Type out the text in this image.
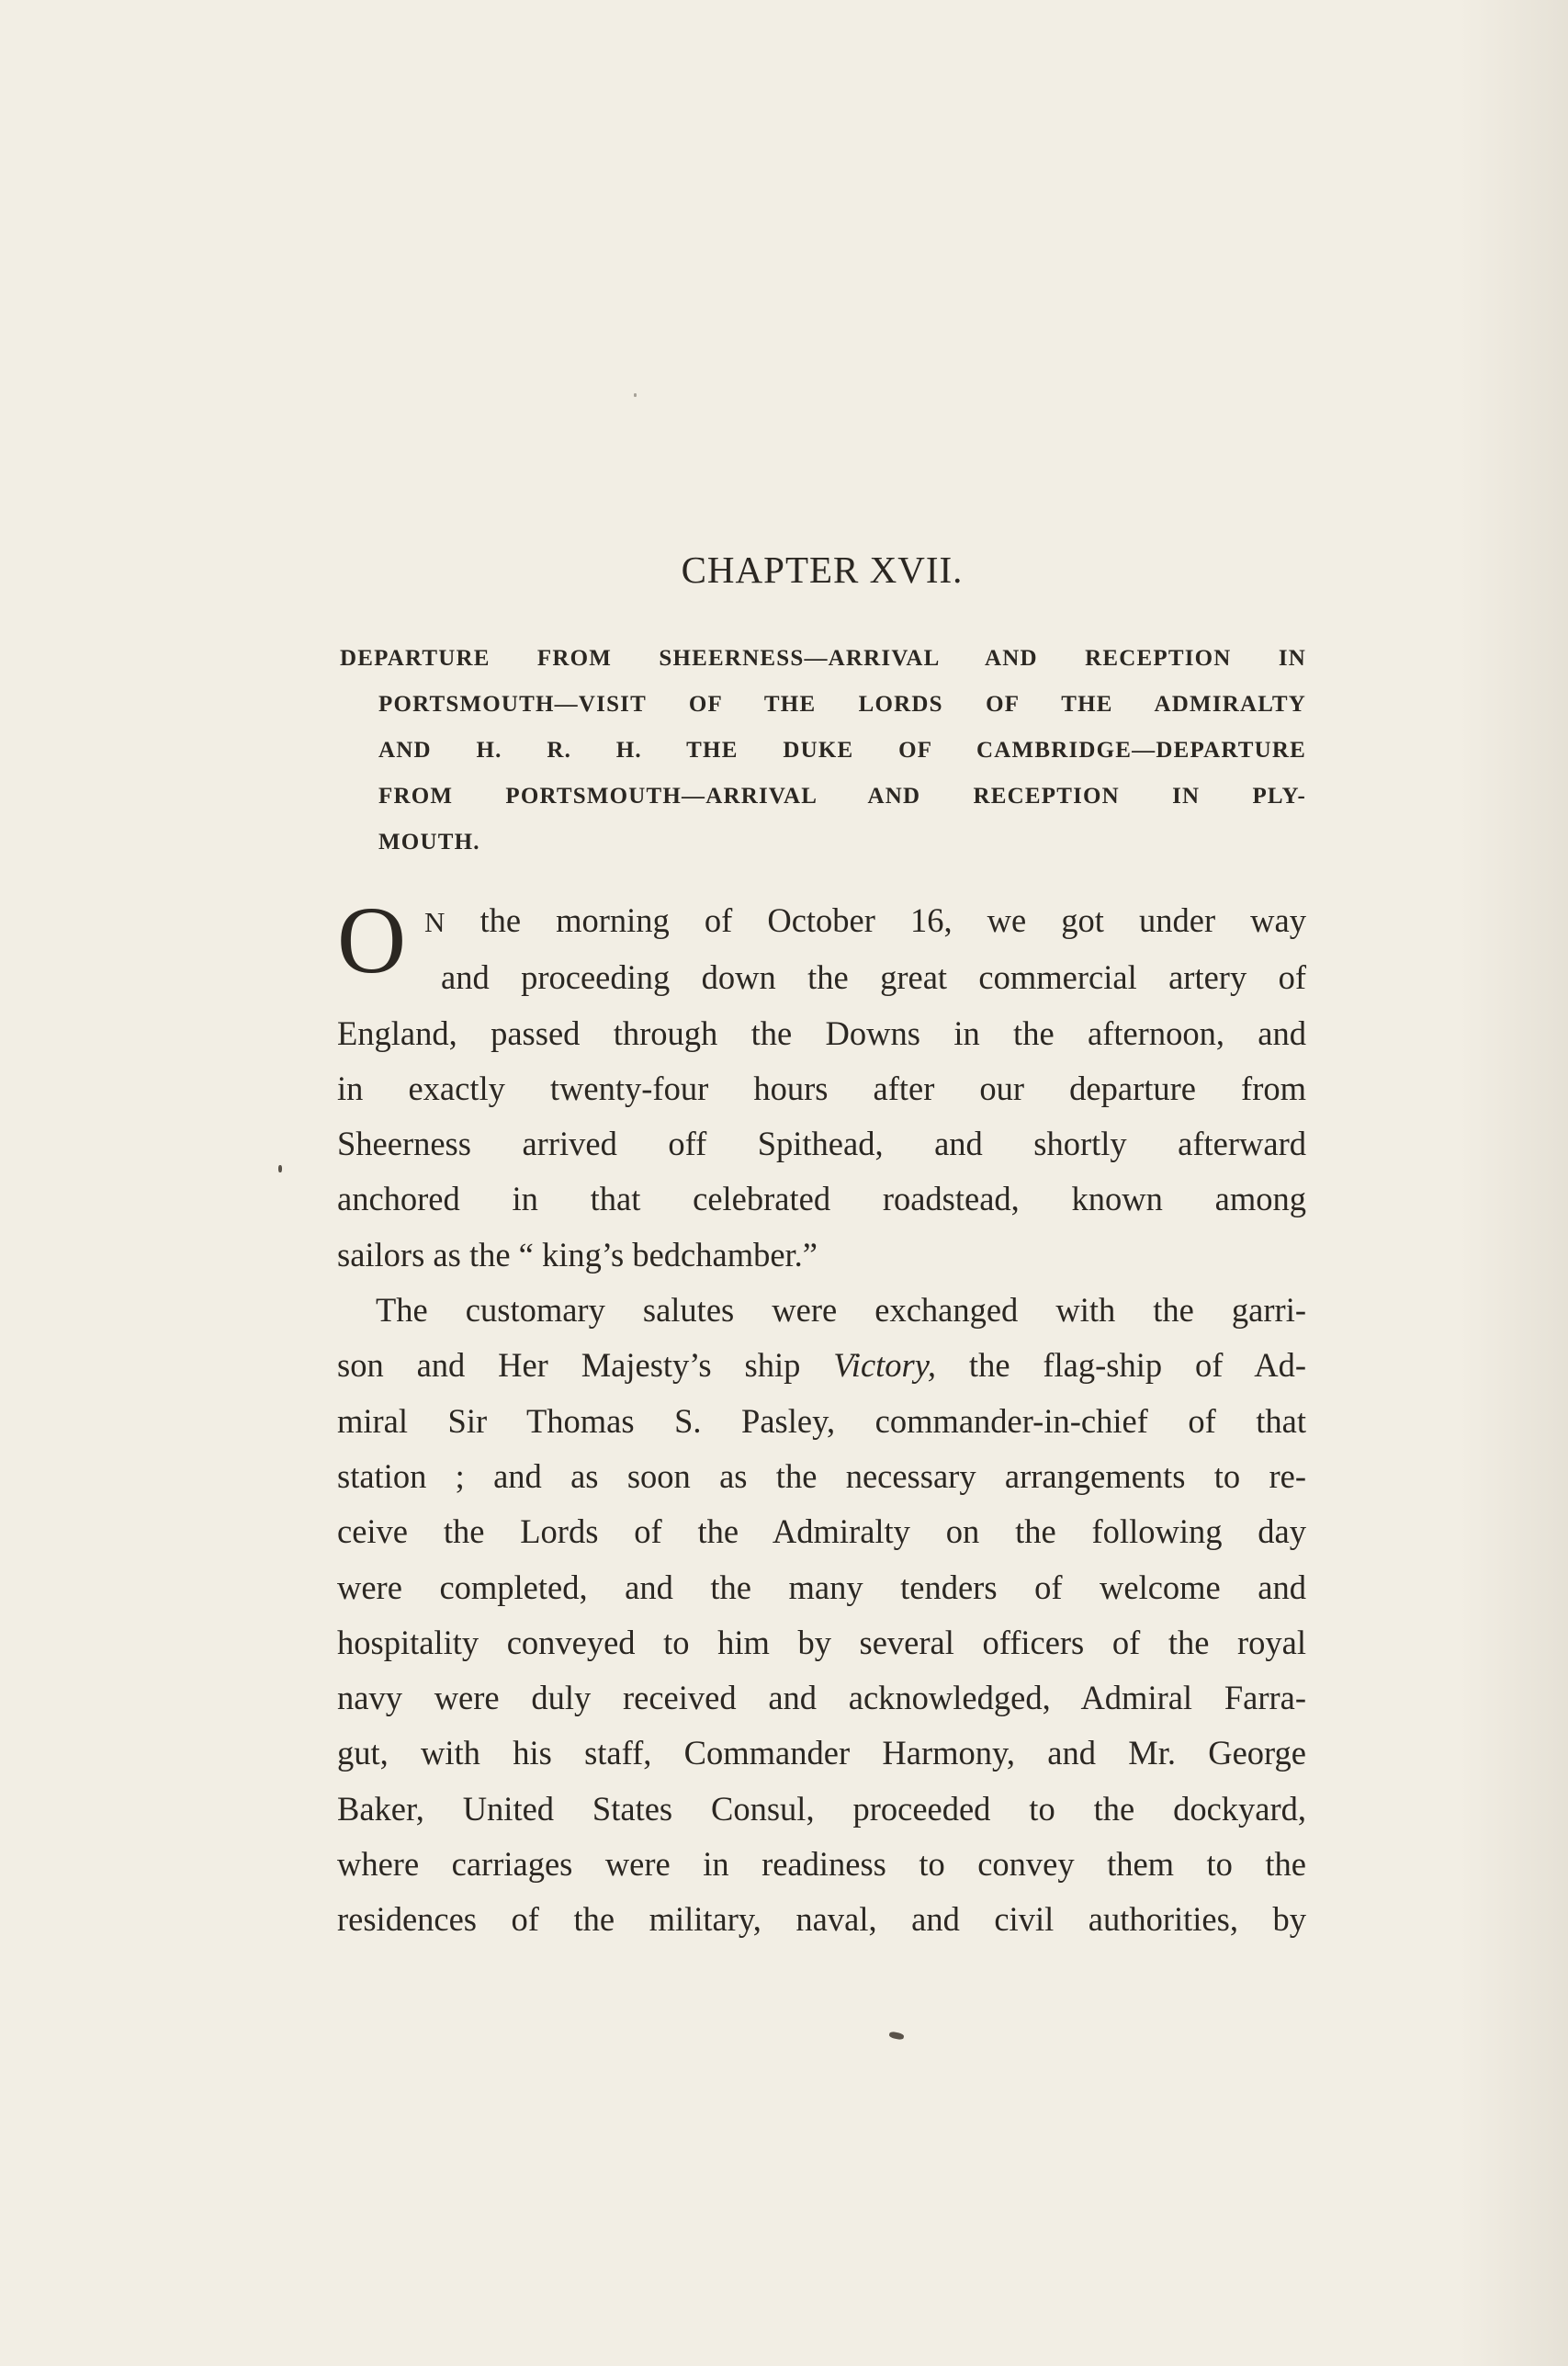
CHAPTER XVII.
DEPARTURE FROM SHEERNESS—ARRIVAL AND RECEPTION IN
PORTSMOUTH—VISIT OF THE LORDS OF THE ADMIRALTY
AND H. R. H. THE DUKE OF CAMBRIDGE—DEPARTURE
FROM PORTSMOUTH—ARRIVAL AND RECEPTION IN PLY-
MOUTH.
O N the morning of October 16, we got under way
and proceeding down the great commercial artery of
England, passed through the Downs in the afternoon, and
in exactly twenty-four hours after our departure from
Sheerness arrived off Spithead, and shortly afterward
anchored in that celebrated roadstead, known among
sailors as the “ king’s bedchamber.”
The customary salutes were exchanged with the garri-
son and Her Majesty’s ship Victory, the flag-ship of Ad-
miral Sir Thomas S. Pasley, commander-in-chief of that
station ; and as soon as the necessary arrangements to re-
ceive the Lords of the Admiralty on the following day
were completed, and the many tenders of welcome and
hospitality conveyed to him by several officers of the royal
navy were duly received and acknowledged, Admiral Farra-
gut, with his staff, Commander Harmony, and Mr. George
Baker, United States Consul, proceeded to the dockyard,
where carriages were in readiness to convey them to the
residences of the military, naval, and civil authorities, by
